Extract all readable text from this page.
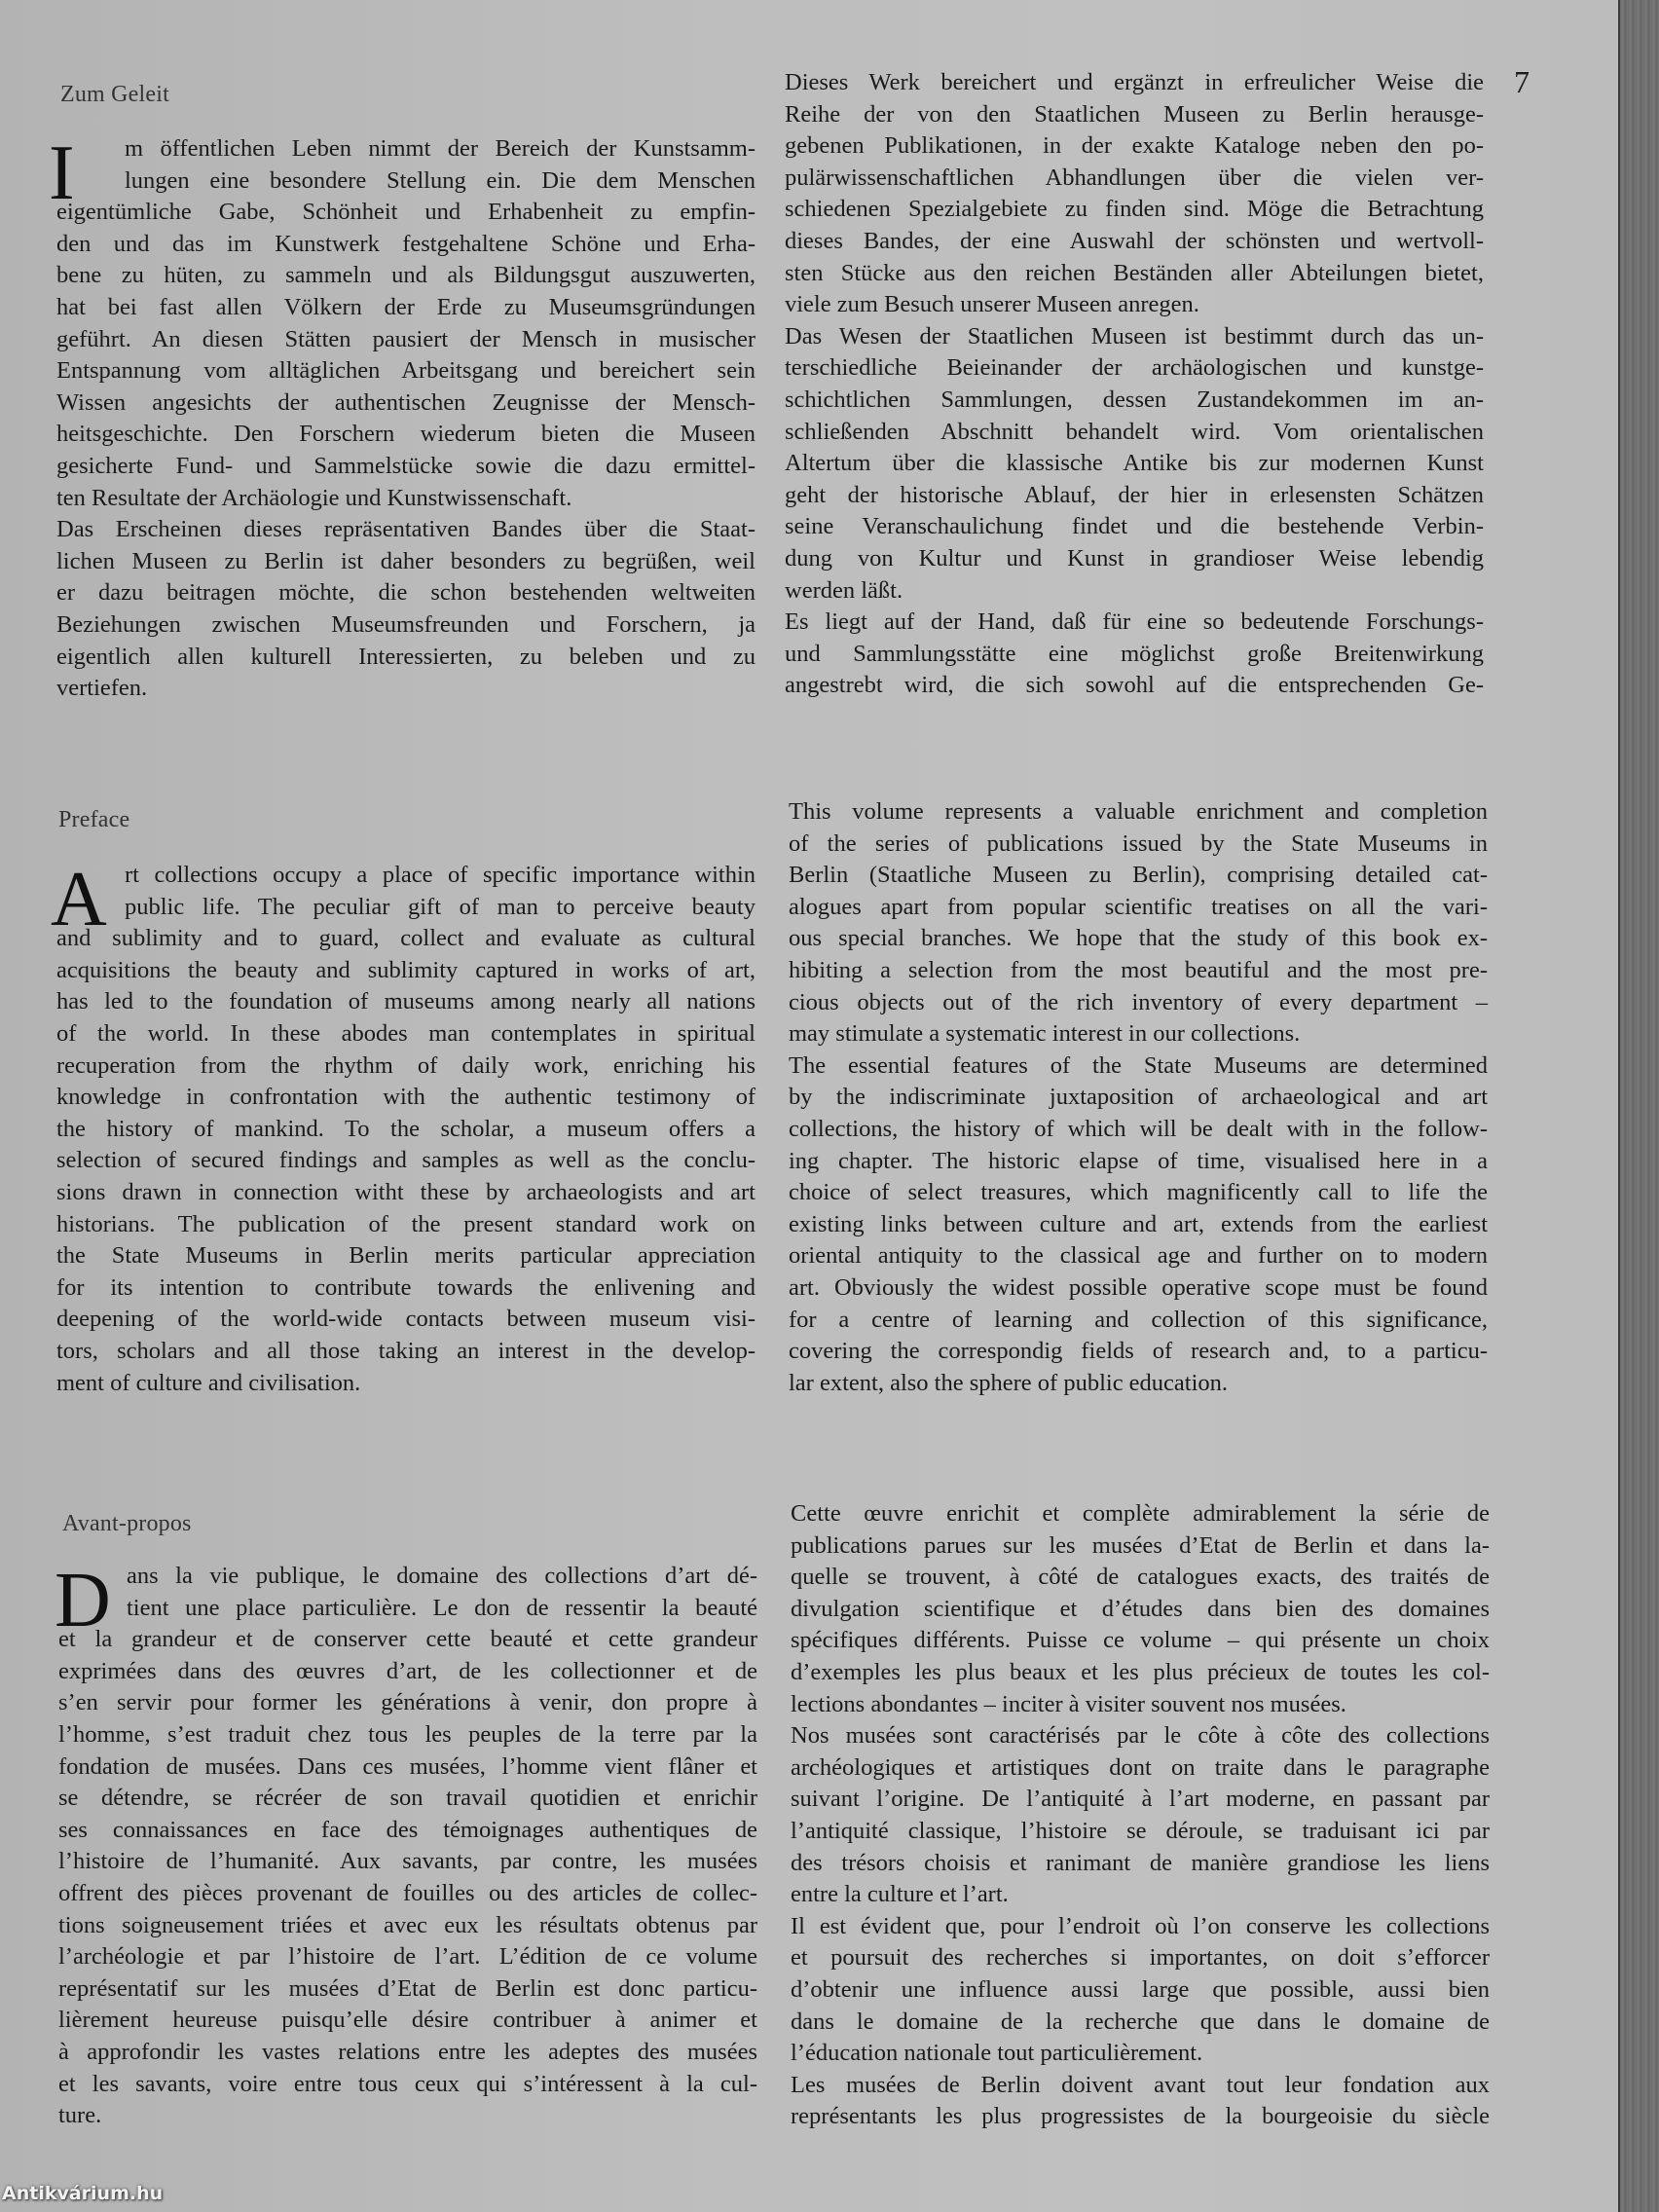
Zum Geleit
I	m öffentlichen Leben nimmt der Bereich der Kunstsamm-
lungen eine besondere Stellung ein. Die dem Menschen
eigentümliche Gabe, Schönheit und Erhabenheit zu empfin-
den und das im Kunstwerk festgehaltene Schöne und Erha-
bene zu hüten, zu sammeln und als Bildungsgut auszuwerten,
hat bei fast allen Völkern der Erde zu Museumsgründungen
geführt. An diesen Stätten pausiert der Mensch in musischer
Entspannung vom alltäglichen Arbeitsgang und bereichert sein
Wissen angesichts der authentischen Zeugnisse der Mensch-
heitsgeschichte. Den Forschern wiederum bieten die Museen
gesicherte Fund- und Sammelstücke sowie die dazu ermittel-
ten Resultate der Archäologie und Kunstwissenschaft.
Das Erscheinen dieses repräsentativen Bandes über die Staat-
lichen Museen zu Berlin ist daher besonders zu begrüßen, weil
er dazu beitragen möchte, die schon bestehenden weltweiten
Beziehungen zwischen Museumsfreunden und Forschern, ja
eigentlich allen kulturell Interessierten, zu beleben und zu
vertiefen.
Dieses Werk bereichert und ergänzt in erfreulicher Weise die
Reihe der von den Staatlichen Museen zu Berlin herausge-
gebenen Publikationen, in der exakte Kataloge neben den po-
pulärwissenschaftlichen Abhandlungen über die vielen ver-
schiedenen Spezialgebiete zu finden sind. Möge die Betrachtung
dieses Bandes, der eine Auswahl der schönsten und wertvoll-
sten Stücke aus den reichen Beständen aller Abteilungen bietet,
viele zum Besuch unserer Museen anregen.
Das Wesen der Staatlichen Museen ist bestimmt durch das un-
terschiedliche Beieinander der archäologischen und kunstge-
schichtlichen Sammlungen, dessen Zustandekommen im an-
schließenden Abschnitt behandelt wird. Vom orientalischen
Altertum über die klassische Antike bis zur modernen Kunst
geht der historische Ablauf, der hier in erlesensten Schätzen
seine Veranschaulichung findet und die bestehende Verbin-
dung von Kultur und Kunst in grandioser Weise lebendig
werden läßt.
Es liegt auf der Hand, daß für eine so bedeutende Forschungs-
und Sammlungsstätte eine möglichst große Breitenwirkung
angestrebt wird, die sich sowohl auf die entsprechenden Ge-
7
Preface
A rt collections occupy a place of specific importance within
public life. The peculiar gift of man to perceive beauty
and sublimity and to guard, collect and evaluate as cultural
acquisitions the beauty and sublimity captured in works of art,
has led to the foundation of museums among nearly all nations
of the world. In these abodes man contemplates in spiritual
recuperation from the rhythm of daily work, enriching his
knowledge in confrontation with the authentic testimony of
the history of mankind. To the scholar, a museum offers a
selection of secured findings and samples as well as the conclu-
sions drawn in connection witht these by archaeologists and art
historians. The publication of the present standard work on
the State Museums in Berlin merits particular appreciation
for its intention to contribute towards the enlivening and
deepening of the world-wide contacts between museum visi-
tors, scholars and all those taking an interest in the develop-
ment of culture and civilisation.
This volume represents a valuable enrichment and completion
of the series of publications issued by the State Museums in
Berlin (Staatliche Museen zu Berlin), comprising detailed cat-
alogues apart from popular scientific treatises on all the vari-
ous special branches. We hope that the study of this book ex-
hibiting a selection from the most beautiful and the most pre-
cious objects out of the rich inventory of every department –
may stimulate a systematic interest in our collections.
The essential features of the State Museums are determined
by the indiscriminate juxtaposition of archaeological and art
collections, the history of which will be dealt with in the follow-
ing chapter. The historic elapse of time, visualised here in a
choice of select treasures, which magnificently call to life the
existing links between culture and art, extends from the earliest
oriental antiquity to the classical age and further on to modern
art. Obviously the widest possible operative scope must be found
for a centre of learning and collection of this significance,
covering the correspondig fields of research and, to a particu-
lar extent, also the sphere of public education.
Avant-propos
D ans la vie publique, le domaine des collections d’art dé-
tient une place particulière. Le don de ressentir la beauté
et la grandeur et de conserver cette beauté et cette grandeur
exprimées dans des œuvres d’art, de les collectionner et de
s’en servir pour former les générations à venir, don propre à
l’homme, s’est traduit chez tous les peuples de la terre par la
fondation de musées. Dans ces musées, l’homme vient flâner et
se détendre, se récréer de son travail quotidien et enrichir
ses connaissances en face des témoignages authentiques de
l’histoire de l’humanité. Aux savants, par contre, les musées
offrent des pièces provenant de fouilles ou des articles de collec-
tions soigneusement triées et avec eux les résultats obtenus par
l’archéologie et par l’histoire de l’art. L’édition de ce volume
représentatif sur les musées d’Etat de Berlin est donc particu-
lièrement heureuse puisqu’elle désire contribuer à animer et
à approfondir les vastes relations entre les adeptes des musées
et les savants, voire entre tous ceux qui s’intéressent à la cul-
ture.
Cette œuvre enrichit et complète admirablement la série de
publications parues sur les musées d’Etat de Berlin et dans la-
quelle se trouvent, à côté de catalogues exacts, des traités de
divulgation scientifique et d’études dans bien des domaines
spécifiques différents. Puisse ce volume – qui présente un choix
d’exemples les plus beaux et les plus précieux de toutes les col-
lections abondantes – inciter à visiter souvent nos musées.
Nos musées sont caractérisés par le côte à côte des collections
archéologiques et artistiques dont on traite dans le paragraphe
suivant l’origine. De l’antiquité à l’art moderne, en passant par
l’antiquité classique, l’histoire se déroule, se traduisant ici par
des trésors choisis et ranimant de manière grandiose les liens
entre la culture et l’art.
Il est évident que, pour l’endroit où l’on conserve les collections
et poursuit des recherches si importantes, on doit s’efforcer
d’obtenir une influence aussi large que possible, aussi bien
dans le domaine de la recherche que dans le domaine de
l’éducation nationale tout particulièrement.
Les musées de Berlin doivent avant tout leur fondation aux
représentants les plus progressistes de la bourgeoisie du siècle
Antikvárium.hu
